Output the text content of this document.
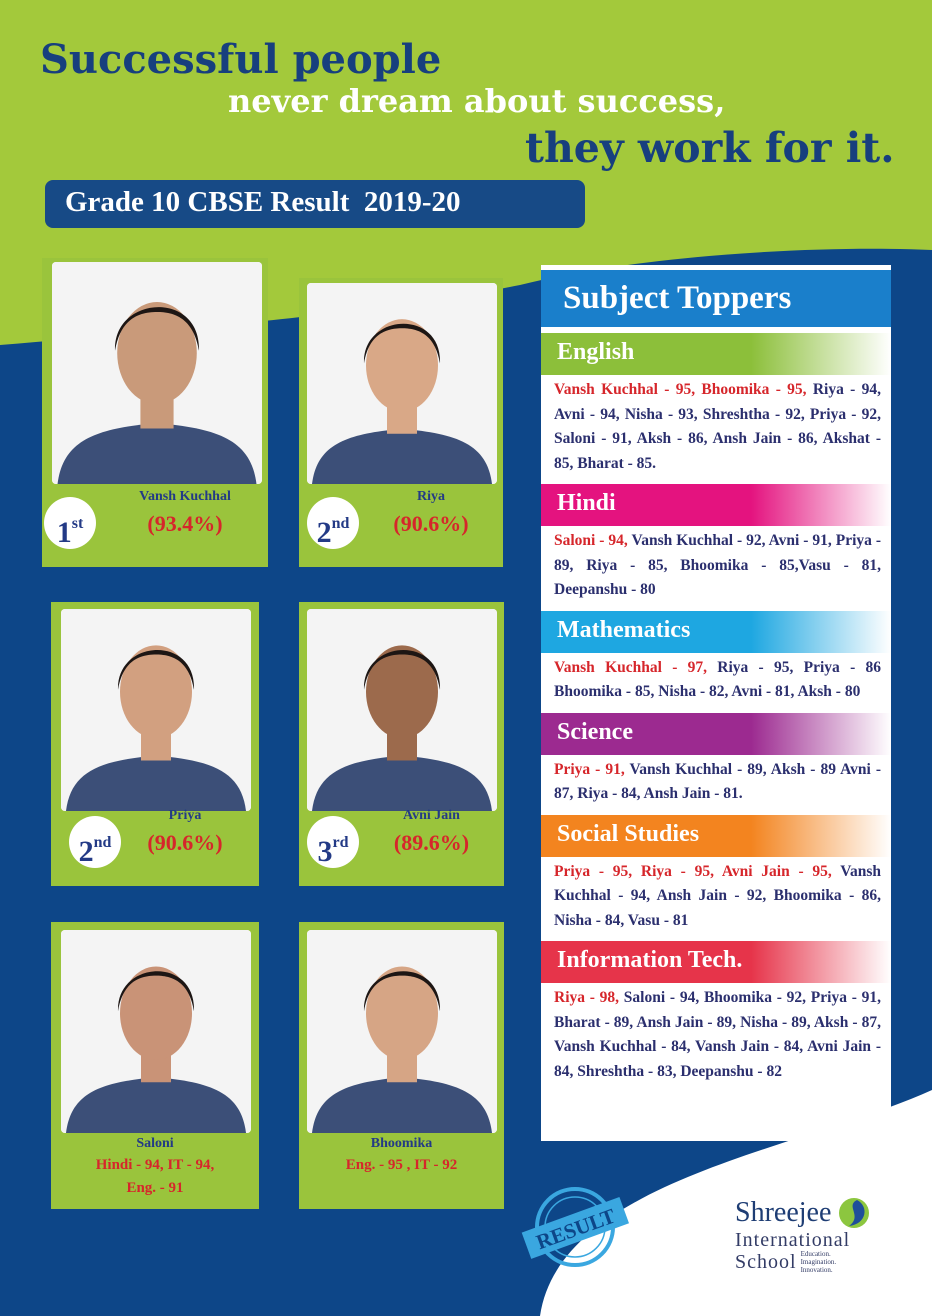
Successful people
never dream about success,
they work for it.
Grade 10 CBSE Result  2019-20
1st
Vansh Kuchhal
(93.4%)	2nd
Riya
(90.6%)
2nd
Priya
(90.6%)	3rd
Avni Jain
(89.6%)
Saloni
Hindi - 94, IT - 94,
Eng. - 91
Bhoomika
Eng. - 95 , IT - 92
Subject Toppers
English
Vansh Kuchhal - 95, Bhoomika - 95, Riya - 94, Avni - 94, Nisha - 93, Shreshtha - 92, Priya - 92, Saloni - 91, Aksh - 86, Ansh Jain - 86, Akshat - 85, Bharat - 85.
Hindi
Saloni - 94, Vansh Kuchhal - 92, Avni - 91, Priya - 89, Riya - 85, Bhoomika - 85,Vasu - 81, Deepanshu - 80
Mathematics
Vansh Kuchhal - 97, Riya - 95, Priya - 86 Bhoomika - 85, Nisha - 82, Avni - 81, Aksh - 80
Science
Priya - 91, Vansh Kuchhal - 89, Aksh - 89 Avni - 87, Riya - 84, Ansh Jain - 81.
Social Studies
Priya - 95, Riya - 95, Avni Jain - 95, Vansh Kuchhal - 94, Ansh Jain - 92, Bhoomika - 86, Nisha - 84, Vasu - 81
Information Tech.
Riya - 98, Saloni - 94, Bhoomika - 92, Priya - 91, Bharat - 89, Ansh Jain - 89, Nisha - 89, Aksh - 87, Vansh Kuchhal - 84, Vansh Jain - 84, Avni Jain - 84, Shreshtha - 83, Deepanshu - 82
RESULT	Shreejee
International
School Education. Imagination. Innovation.
